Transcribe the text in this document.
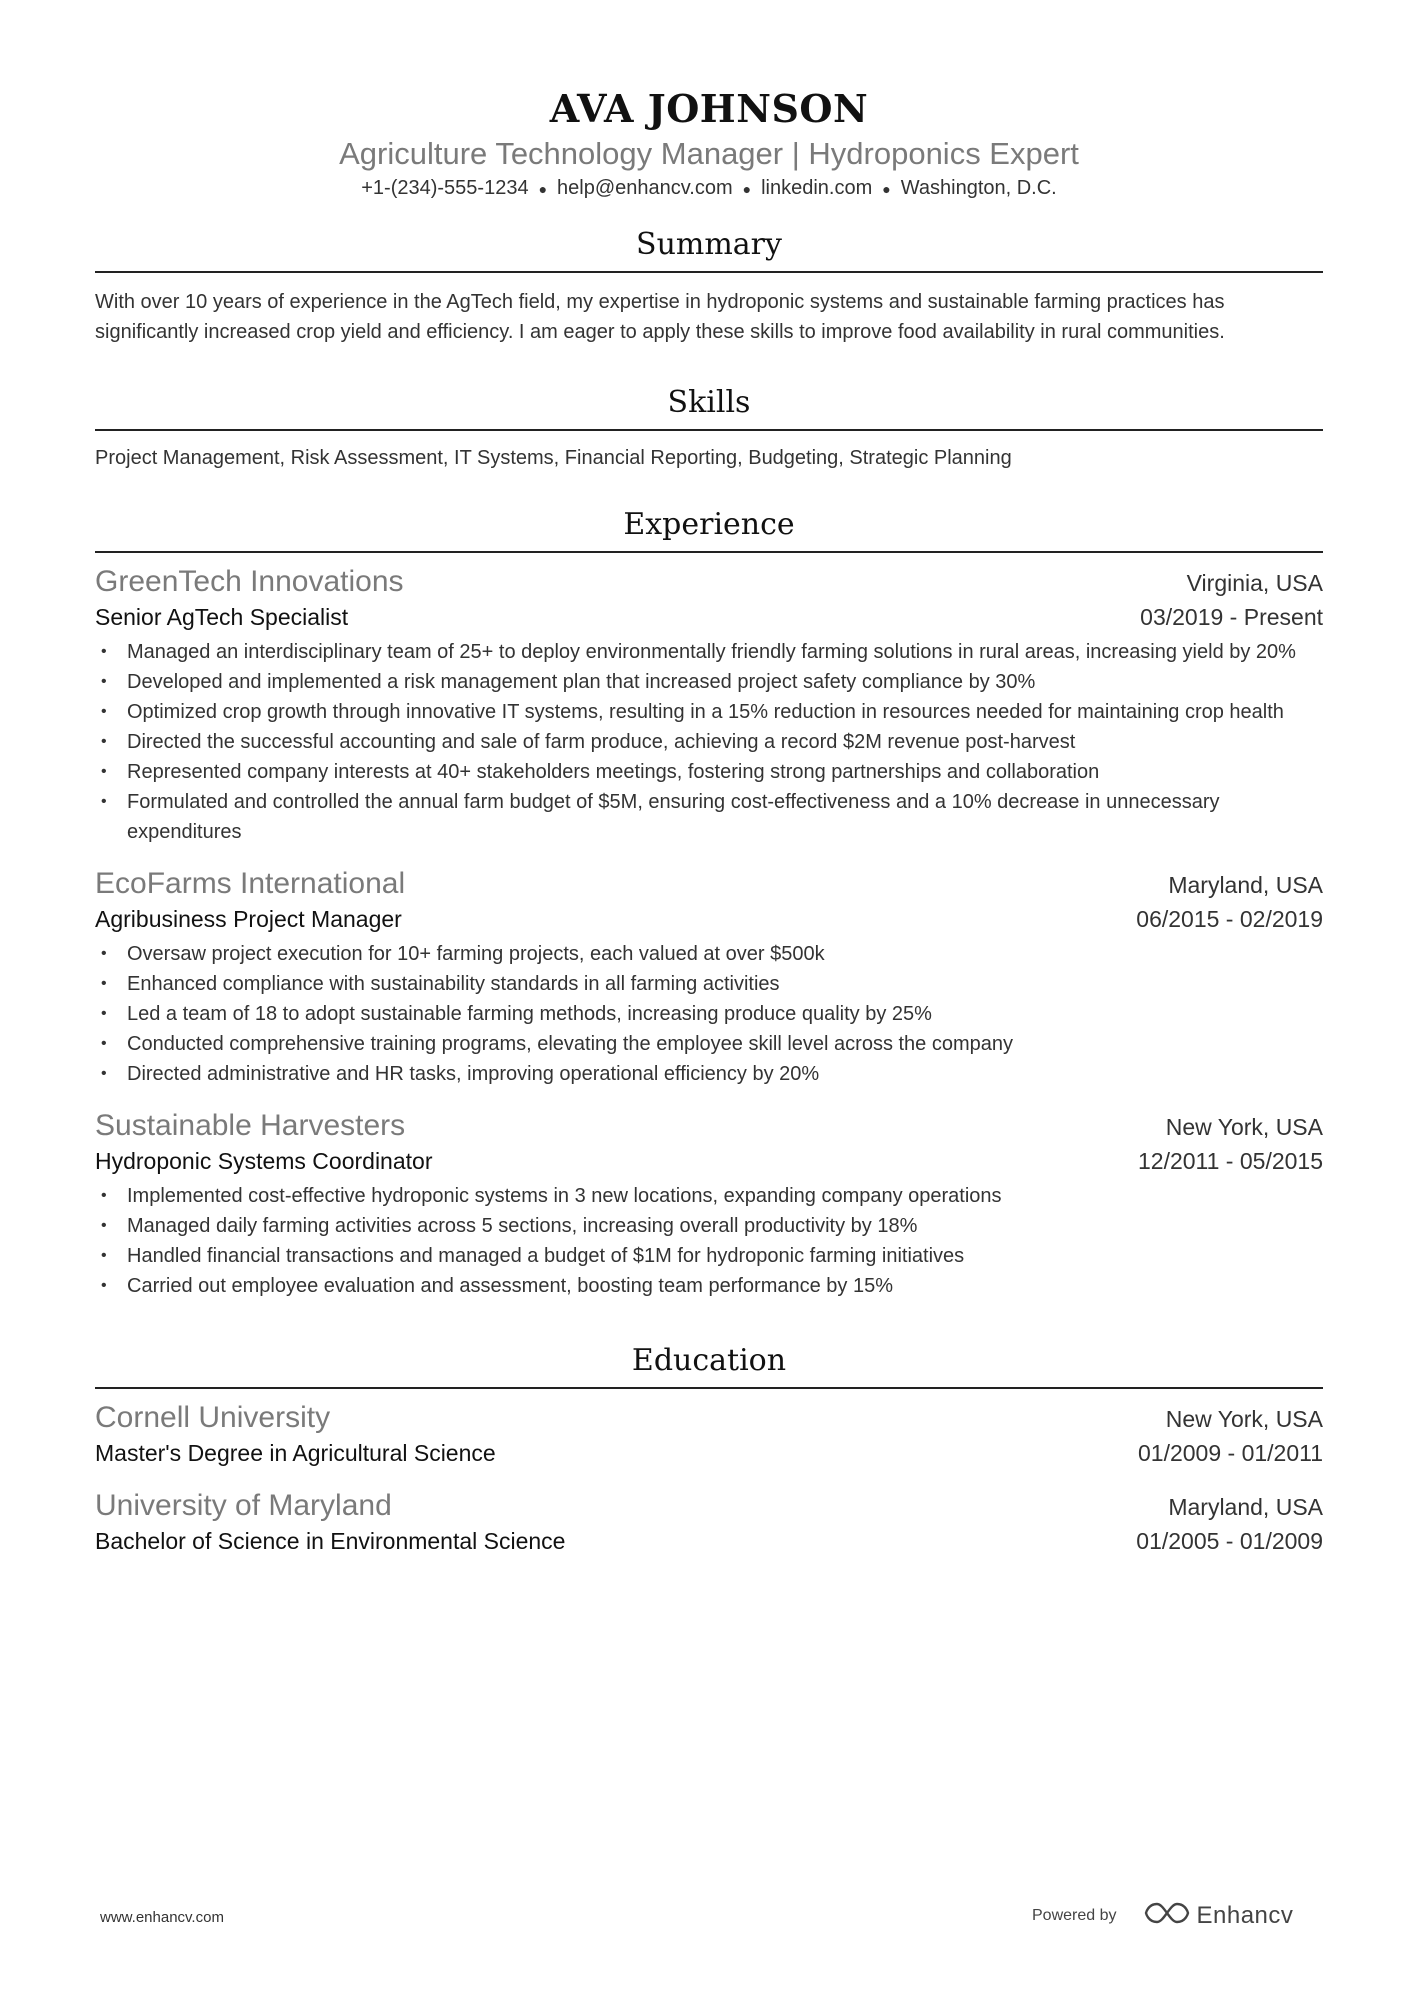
AVA JOHNSON
Agriculture Technology Manager | Hydroponics Expert
+1-(234)-555-1234 ● help@enhancv.com ● linkedin.com ● Washington, D.C.
Summary
With over 10 years of experience in the AgTech field, my expertise in hydroponic systems and sustainable farming practices has significantly increased crop yield and efficiency. I am eager to apply these skills to improve food availability in rural communities.
Skills
Project Management, Risk Assessment, IT Systems, Financial Reporting, Budgeting, Strategic Planning
Experience
GreenTech Innovations	Virginia, USA
Senior AgTech Specialist	03/2019 - Present
• Managed an interdisciplinary team of 25+ to deploy environmentally friendly farming solutions in rural areas, increasing yield by 20%
• Developed and implemented a risk management plan that increased project safety compliance by 30%
• Optimized crop growth through innovative IT systems, resulting in a 15% reduction in resources needed for maintaining crop health
• Directed the successful accounting and sale of farm produce, achieving a record $2M revenue post-harvest
• Represented company interests at 40+ stakeholders meetings, fostering strong partnerships and collaboration
• Formulated and controlled the annual farm budget of $5M, ensuring cost-effectiveness and a 10% decrease in unnecessary expenditures
EcoFarms International	Maryland, USA
Agribusiness Project Manager	06/2015 - 02/2019
• Oversaw project execution for 10+ farming projects, each valued at over $500k
• Enhanced compliance with sustainability standards in all farming activities
• Led a team of 18 to adopt sustainable farming methods, increasing produce quality by 25%
• Conducted comprehensive training programs, elevating the employee skill level across the company
• Directed administrative and HR tasks, improving operational efficiency by 20%
Sustainable Harvesters	New York, USA
Hydroponic Systems Coordinator	12/2011 - 05/2015
• Implemented cost-effective hydroponic systems in 3 new locations, expanding company operations
• Managed daily farming activities across 5 sections, increasing overall productivity by 18%
• Handled financial transactions and managed a budget of $1M for hydroponic farming initiatives
• Carried out employee evaluation and assessment, boosting team performance by 15%
Education
Cornell University	New York, USA
Master's Degree in Agricultural Science	01/2009 - 01/2011
University of Maryland	Maryland, USA
Bachelor of Science in Environmental Science	01/2005 - 01/2009
www.enhancv.com	Powered by	Enhancv
